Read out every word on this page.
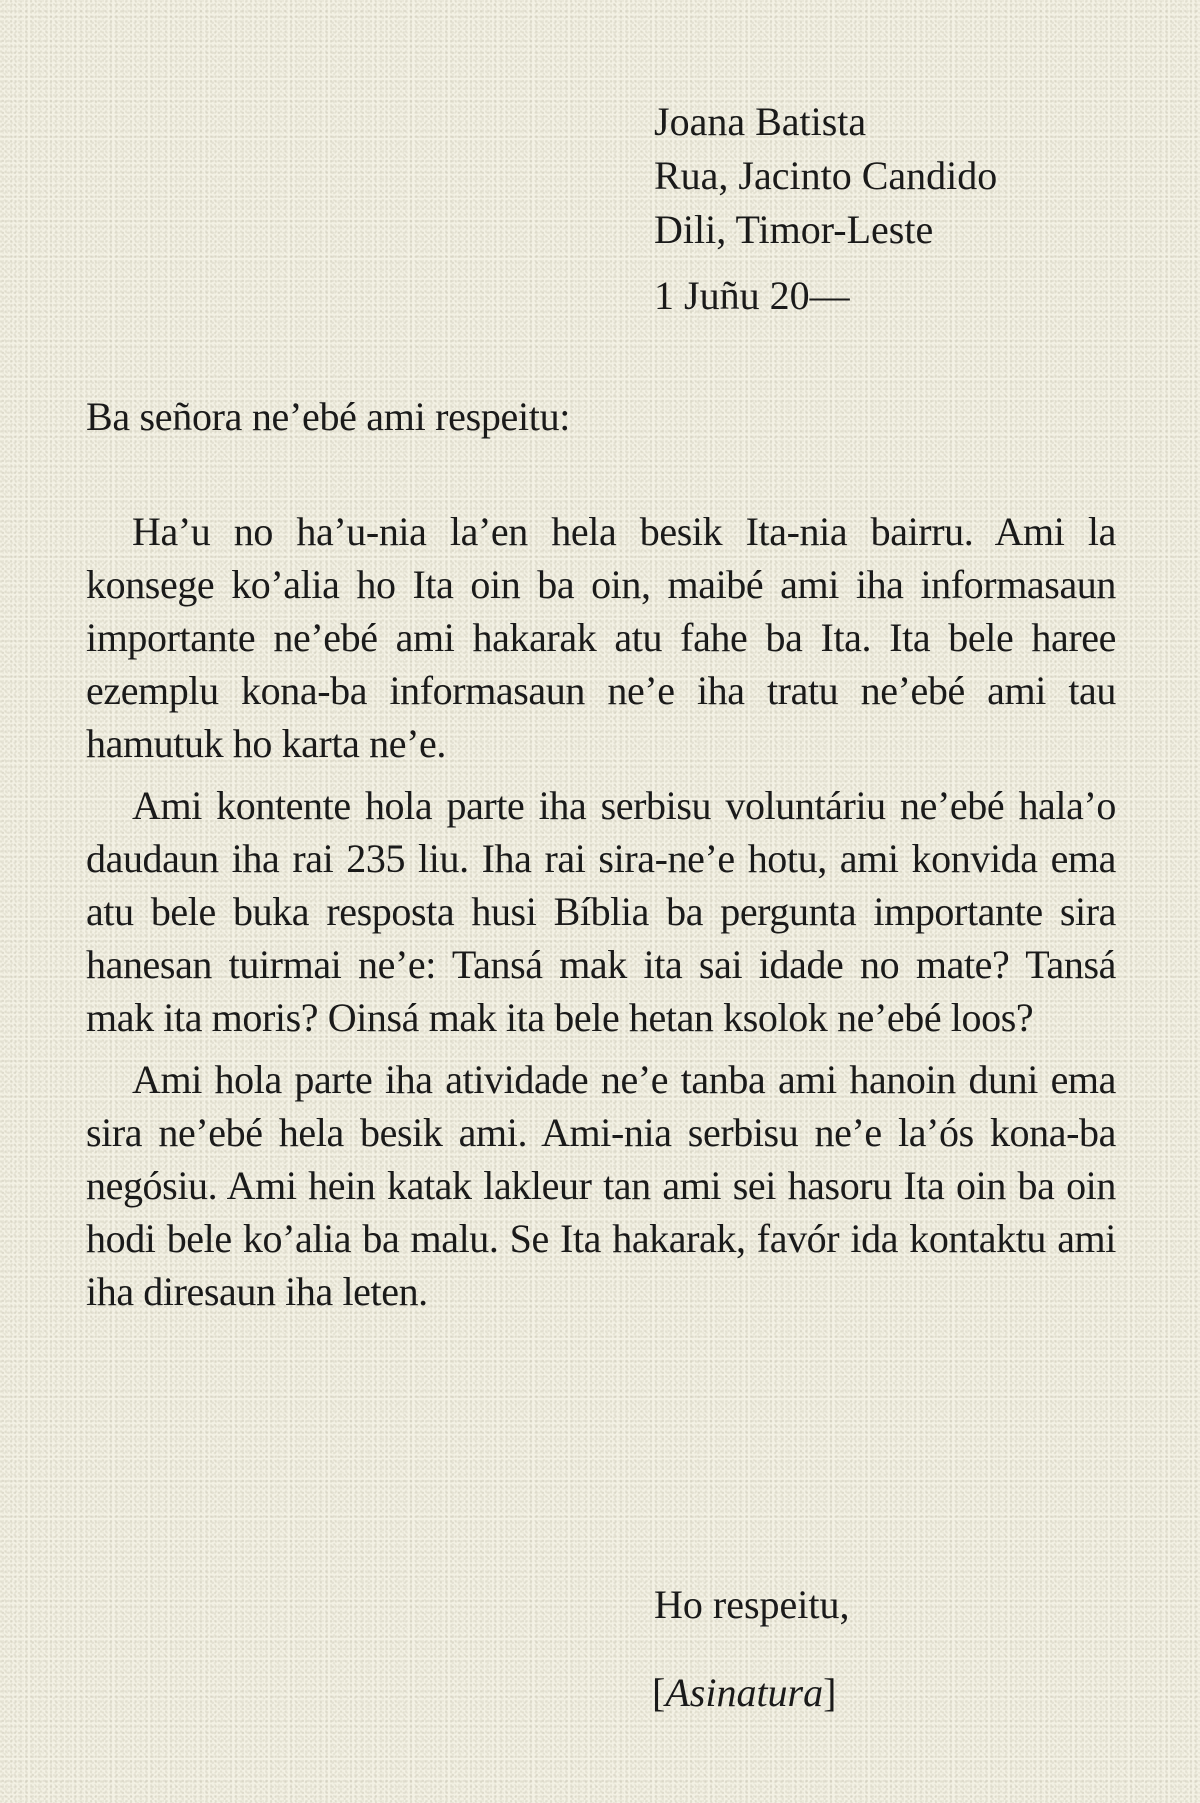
Joana Batista
Rua, Jacinto Candido
Dili, Timor-Leste
1 Juñu 20—
Ba señora ne’ebé ami respeitu:

Ha’u no ha’u-nia la’en hela besik Ita-nia bairru. Ami la konsege ko’alia ho Ita oin ba oin, maibé ami iha informasaun importante ne’ebé ami hakarak atu fahe ba Ita. Ita bele haree ezemplu kona-ba informasaun ne’e iha tratu ne’ebé ami tau hamutuk ho karta ne’e.

Ami kontente hola parte iha serbisu voluntáriu ne’ebé hala’o daudaun iha rai 235 liu. Iha rai sira-ne’e hotu, ami konvida ema atu bele buka resposta husi Bíblia ba pergunta importante sira hanesan tuirmai ne’e: Tansá mak ita sai idade no mate? Tansá mak ita moris? Oinsá mak ita bele hetan ksolok ne’ebé loos?

Ami hola parte iha atividade ne’e tanba ami hanoin duni ema sira ne’ebé hela besik ami. Ami-nia serbisu ne’e la’ós kona-ba negósiu. Ami hein katak lakleur tan ami sei hasoru Ita oin ba oin hodi bele ko’alia ba malu. Se Ita hakarak, favór ida kontaktu ami iha diresaun iha leten.

Ho respeitu,
[Asinatura]
